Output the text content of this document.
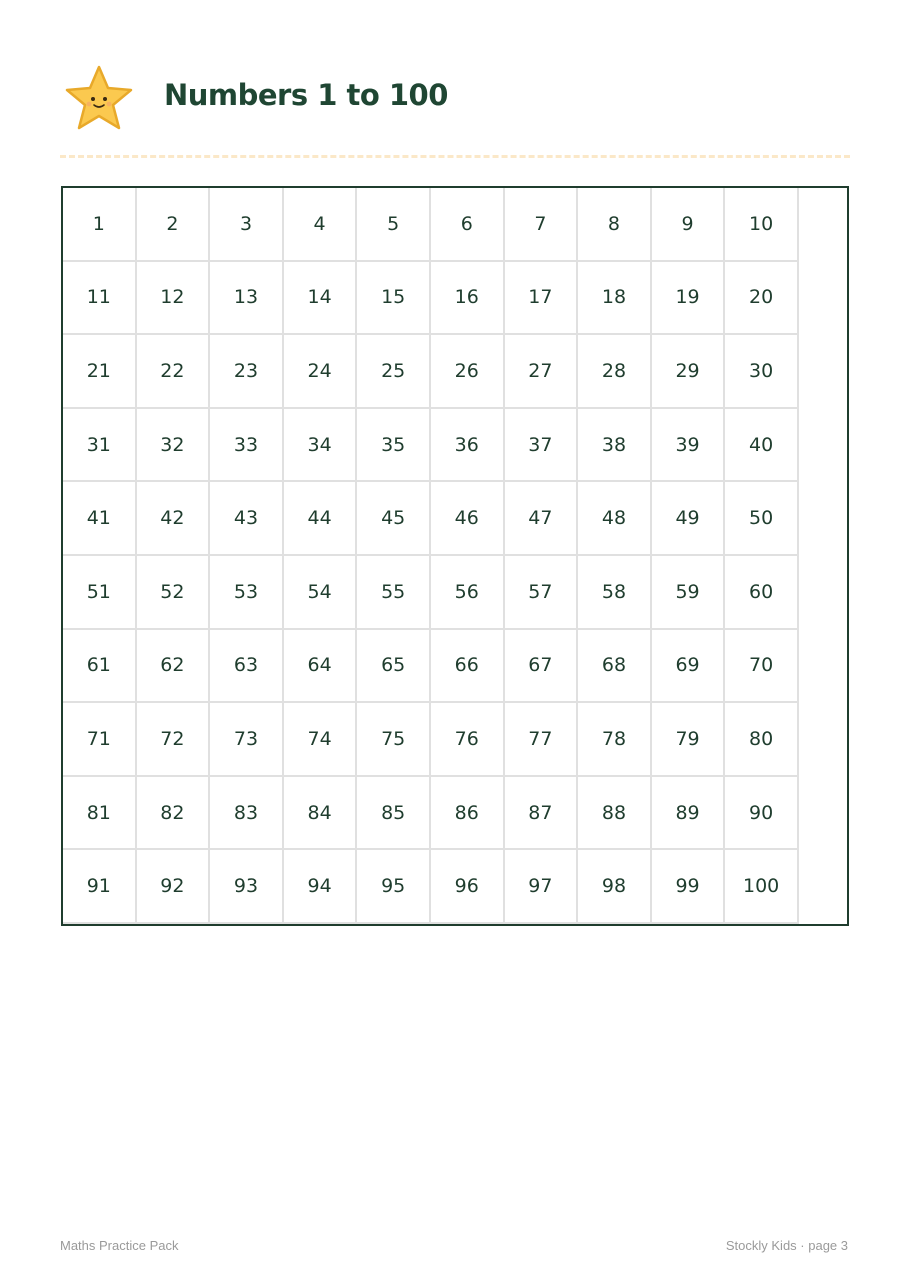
Numbers 1 to 100
1	2	3	4	5	6	7	8	9	10
11	12	13	14	15	16	17	18	19	20
21	22	23	24	25	26	27	28	29	30
31	32	33	34	35	36	37	38	39	40
41	42	43	44	45	46	47	48	49	50
51	52	53	54	55	56	57	58	59	60
61	62	63	64	65	66	67	68	69	70
71	72	73	74	75	76	77	78	79	80
81	82	83	84	85	86	87	88	89	90
91	92	93	94	95	96	97	98	99	100
Maths Practice Pack	Stockly Kids · page 3
